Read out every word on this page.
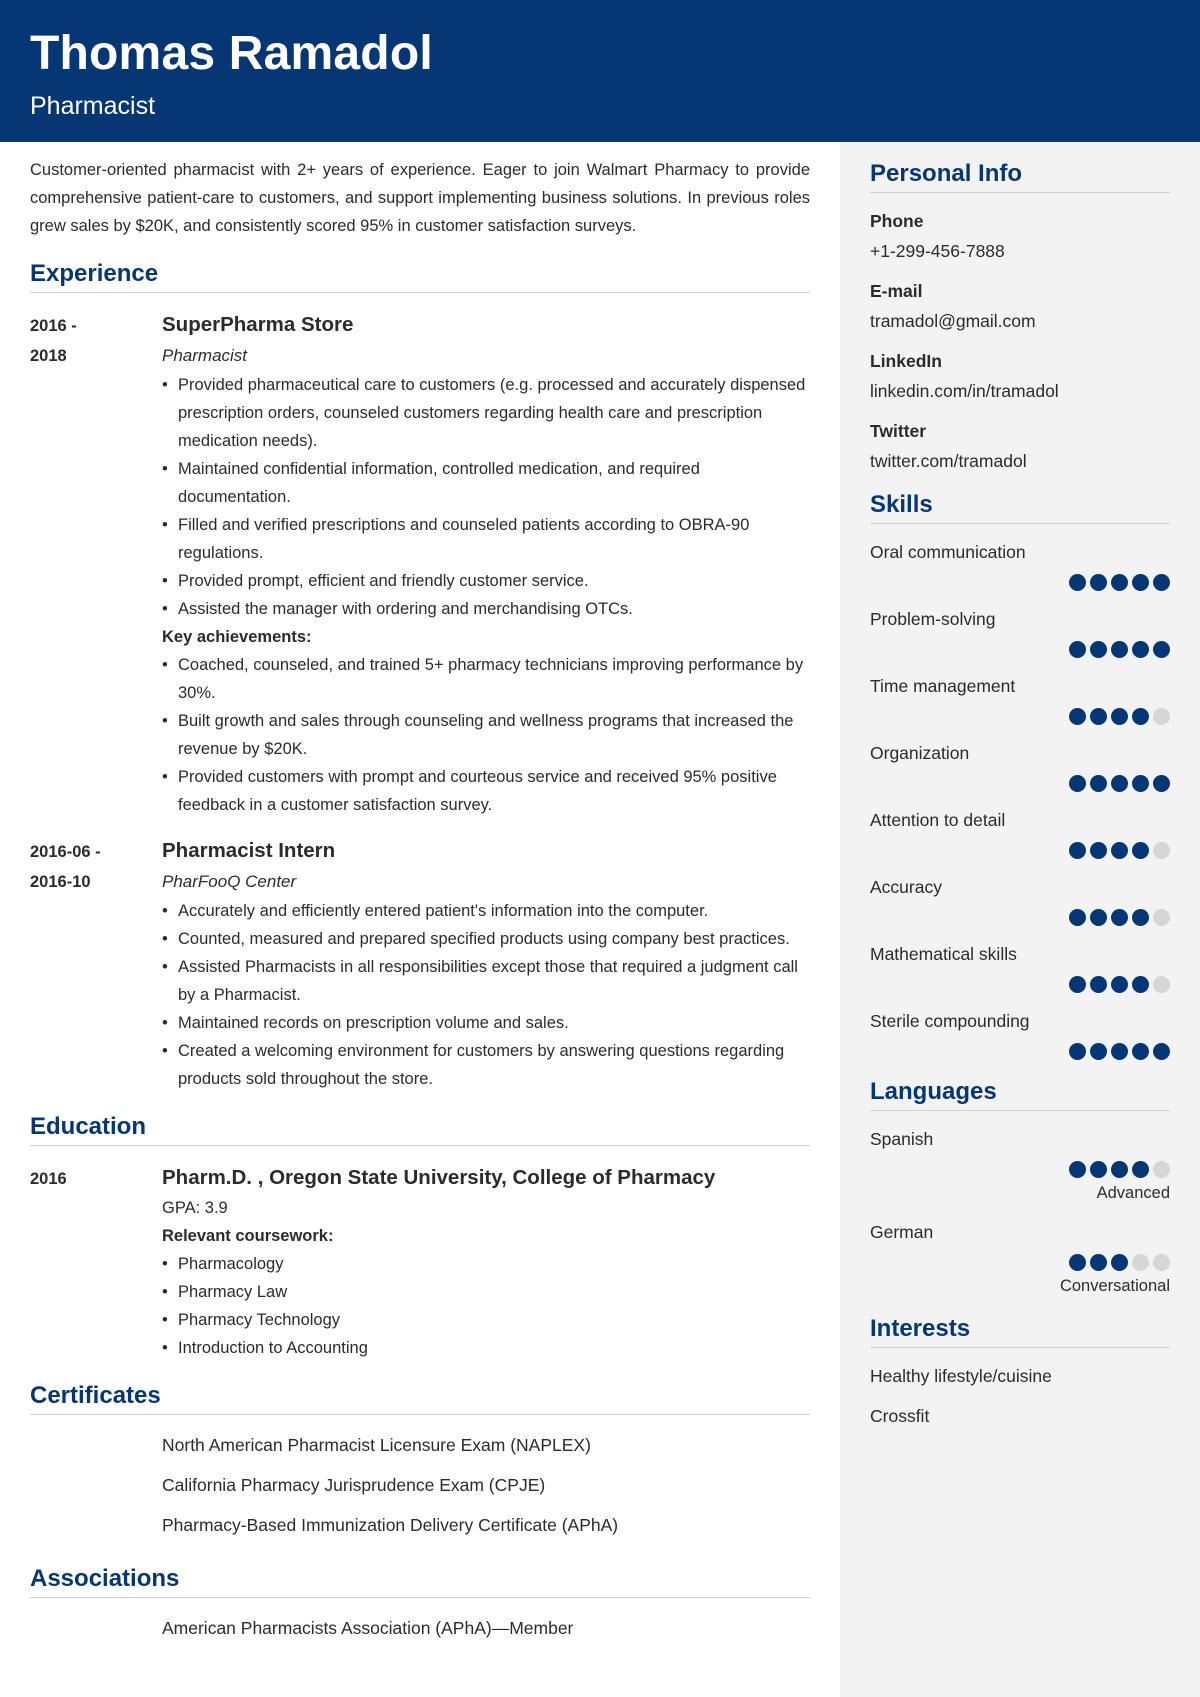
Thomas Ramadol
Pharmacist
Customer-oriented pharmacist with 2+ years of experience. Eager to join Walmart Pharmacy to provide comprehensive patient-care to customers, and support implementing business solutions. In previous roles grew sales by $20K, and consistently scored 95% in customer satisfaction surveys.
Experience
2016 -
2018
SuperPharma Store
Pharmacist
• Provided pharmaceutical care to customers (e.g. processed and accurately dispensed prescription orders, counseled customers regarding health care and prescription medication needs).
• Maintained confidential information, controlled medication, and required documentation.
• Filled and verified prescriptions and counseled patients according to OBRA-90 regulations.
• Provided prompt, efficient and friendly customer service.
• Assisted the manager with ordering and merchandising OTCs.
Key achievements:
• Coached, counseled, and trained 5+ pharmacy technicians improving performance by 30%.
• Built growth and sales through counseling and wellness programs that increased the revenue by $20K.
• Provided customers with prompt and courteous service and received 95% positive feedback in a customer satisfaction survey.
2016-06 -
2016-10
Pharmacist Intern
PharFooQ Center
• Accurately and efficiently entered patient's information into the computer.
• Counted, measured and prepared specified products using company best practices.
• Assisted Pharmacists in all responsibilities except those that required a judgment call by a Pharmacist.
• Maintained records on prescription volume and sales.
• Created a welcoming environment for customers by answering questions regarding products sold throughout the store.
Education
2016	Pharm.D. , Oregon State University, College of Pharmacy
GPA: 3.9
Relevant coursework:
• Pharmacology
• Pharmacy Law
• Pharmacy Technology
• Introduction to Accounting
Certificates
North American Pharmacist Licensure Exam (NAPLEX)
California Pharmacy Jurisprudence Exam (CPJE)
Pharmacy-Based Immunization Delivery Certificate (APhA)
Associations
American Pharmacists Association (APhA)—Member
Personal Info
Phone
+1-299-456-7888
E-mail
tramadol@gmail.com
LinkedIn
linkedin.com/in/tramadol
Twitter
twitter.com/tramadol
Skills
Oral communication
Problem-solving
Time management
Organization
Attention to detail
Accuracy
Mathematical skills
Sterile compounding
Languages
Spanish
Advanced
German
Conversational
Interests
Healthy lifestyle/cuisine
Crossfit
